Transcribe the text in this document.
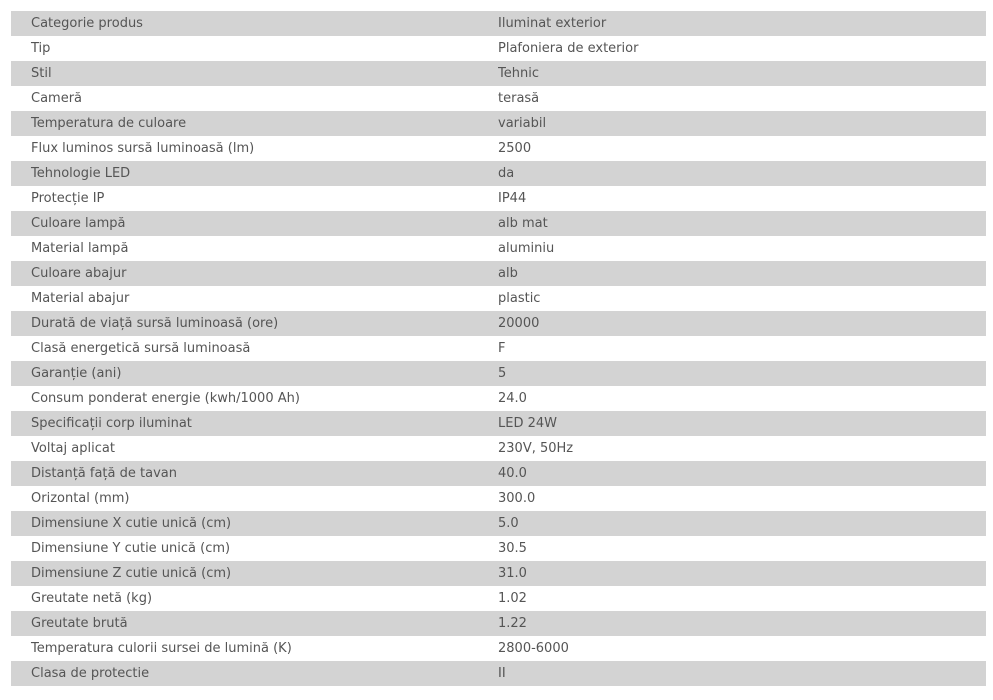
Categorie produs	Iluminat exterior
Tip	Plafoniera de exterior
Stil	Tehnic
Cameră	terasă
Temperatura de culoare	variabil
Flux luminos sursă luminoasă (lm)	2500
Tehnologie LED	da
Protecție IP	IP44
Culoare lampă	alb mat
Material lampă	aluminiu
Culoare abajur	alb
Material abajur	plastic
Durată de viață sursă luminoasă (ore)	20000
Clasă energetică sursă luminoasă	F
Garanție (ani)	5
Consum ponderat energie (kwh/1000 Ah)	24.0
Specificații corp iluminat	LED 24W
Voltaj aplicat	230V, 50Hz
Distanță față de tavan	40.0
Orizontal (mm)	300.0
Dimensiune X cutie unică (cm)	5.0
Dimensiune Y cutie unică (cm)	30.5
Dimensiune Z cutie unică (cm)	31.0
Greutate netă (kg)	1.02
Greutate brută	1.22
Temperatura culorii sursei de lumină (K)	2800-6000
Clasa de protectie	II
